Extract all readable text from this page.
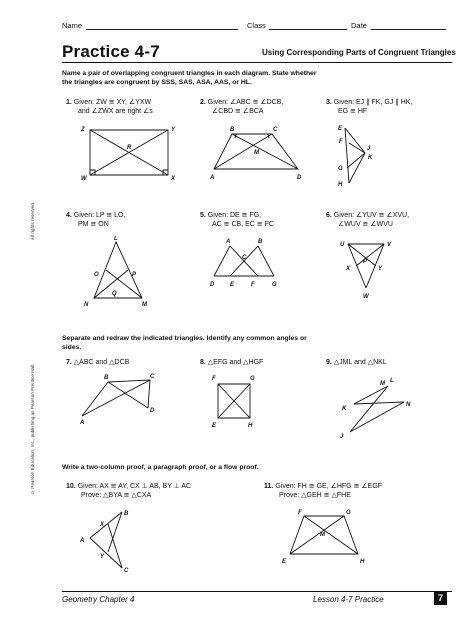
Name	Class	Date
Practice 4-7	Using Corresponding Parts of Congruent Triangles
© Pearson Education, Inc., publishing as Pearson Prentice Hall.
All rights reserved.
Name a pair of overlapping congruent triangles in each diagram. State whether the triangles are congruent by SSS, SAS, ASA, AAS, or HL.
1. Given: ZW ≅ XY, ∠YXW
and ∠ZWX are right ∠s
2. Given: ∠ABC ≅ ∠DCB,
∠CBD ≅ ∠BCA
3. Given: EJ ∥ FK, GJ ∥ HK,
EG ≅ HF
Z	Y
R
W	X
B	C
M
A	D
E
J
F
K
G
H
4. Given: LP ≅ LO,
PM ≅ ON
5. Given: DE ≅ FG,
AC ≅ CB, EC ≅ FC
6. Given: ∠YUV ≅ ∠XVU,
∠WUV ≅ ∠WVU
L
O	P
Q
N	M
A	B
C
D	E	F	G
U	V
P
X	Y
W
Separate and redraw the indicated triangles. Identify any common angles or sides.
7. △ABC and △DCB	8. △EFG and △HGF	9. △JML and △NKL
B	C
D
A
F	G
E	H
M L
N
K
J
Write a two-column proof, a paragraph proof, or a flow proof.
10. Given: AX ≅ AY, CX ⊥ AB, BY ⊥ AC
Prove: △BYA ≅ △CXA
11. Given: FH ≅ GE, ∠HFG ≅ ∠EGF
Prove: △GEH ≅ △FHE
B
X
A
Y
C
F	G
M
E	H
Geometry Chapter 4	Lesson 4-7 Practice	7
